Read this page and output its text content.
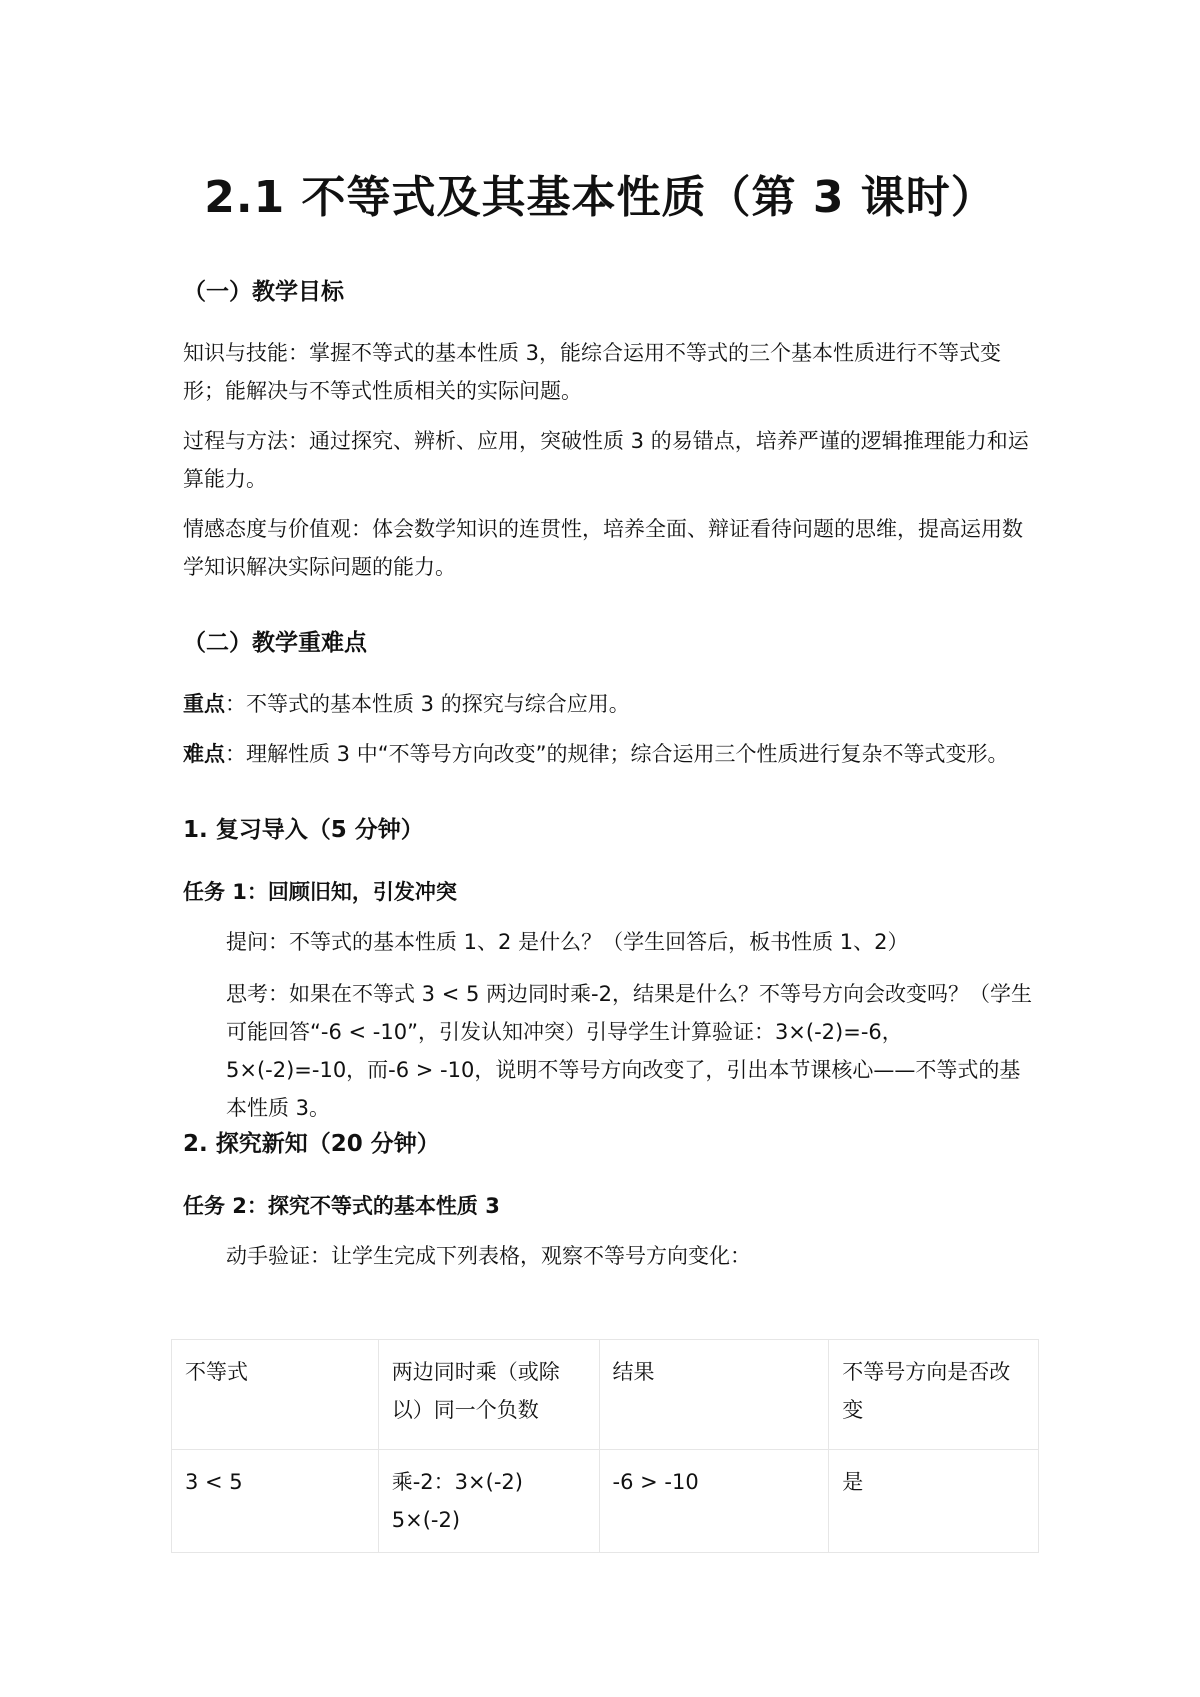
2.1 不等式及其基本性质（第 3 课时）
（一）教学目标
知识与技能：掌握不等式的基本性质 3，能综合运用不等式的三个基本性质进行不等式变形；能解决与不等式性质相关的实际问题。
过程与方法：通过探究、辨析、应用，突破性质 3 的易错点，培养严谨的逻辑推理能力和运算能力。
情感态度与价值观：体会数学知识的连贯性，培养全面、辩证看待问题的思维，提高运用数学知识解决实际问题的能力。
（二）教学重难点
重点：不等式的基本性质 3 的探究与综合应用。
难点：理解性质 3 中“不等号方向改变”的规律；综合运用三个性质进行复杂不等式变形。
1. 复习导入（5 分钟）
任务 1：回顾旧知，引发冲突
提问：不等式的基本性质 1、2 是什么？（学生回答后，板书性质 1、2）
思考：如果在不等式 3 < 5 两边同时乘-2，结果是什么？不等号方向会改变吗？（学生可能回答“-6 < -10”，引发认知冲突）引导学生计算验证：3×(-2)=-6，5×(-2)=-10，而-6 > -10，说明不等号方向改变了，引出本节课核心——不等式的基本性质 3。
2. 探究新知（20 分钟）
任务 2：探究不等式的基本性质 3
动手验证：让学生完成下列表格，观察不等号方向变化：
不等式	两边同时乘（或除以）同一个负数	结果	不等号方向是否改变
3 < 5	乘-2：3×(-2) 5×(-2)	-6 > -10	是
